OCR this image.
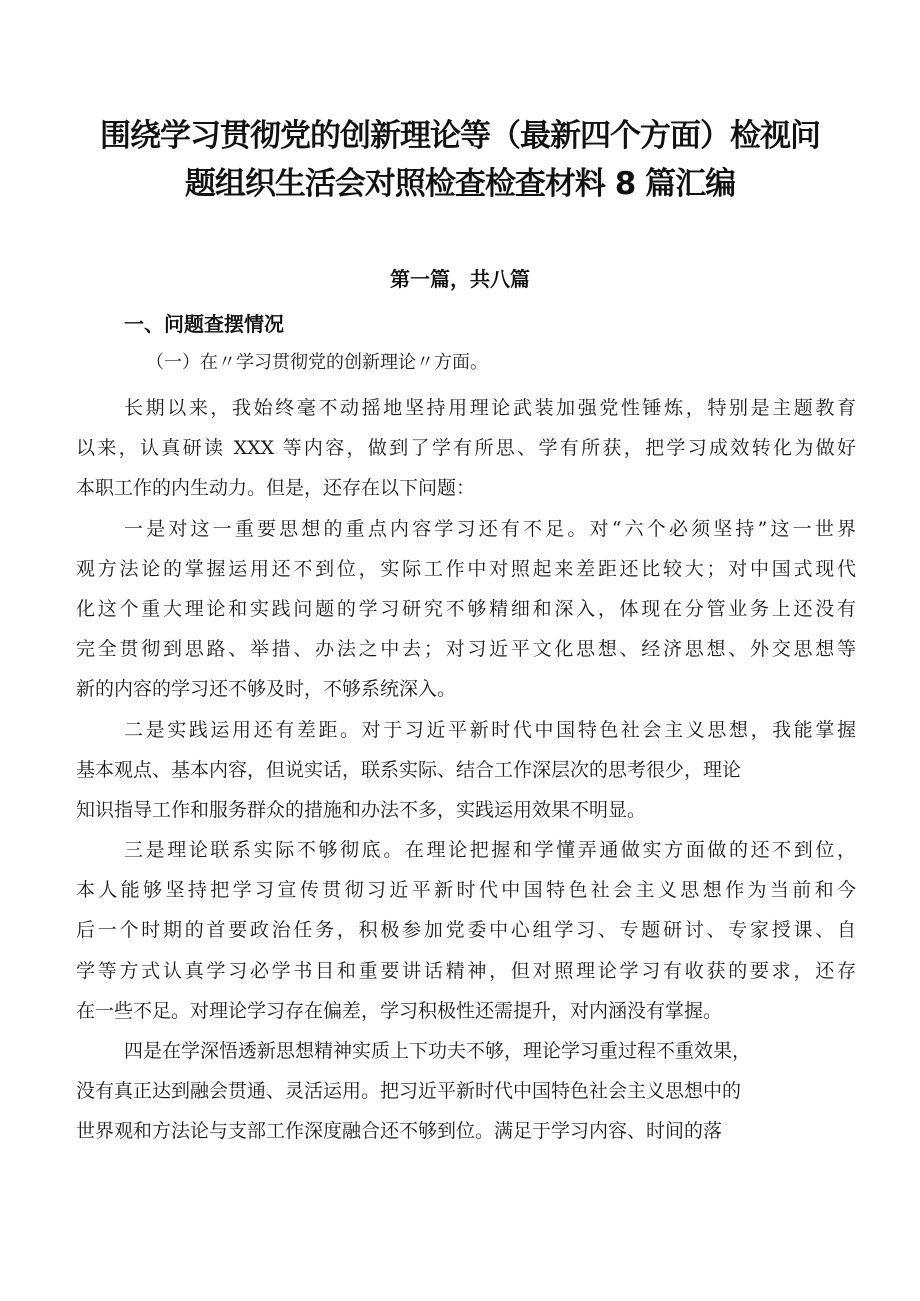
围绕学习贯彻党的创新理论等（最新四个方面）检视问
题组织生活会对照检查检查材料 8 篇汇编
第一篇，共八篇
一、问题查摆情况
（一）在〃学习贯彻党的创新理论〃方面。
长期以来，我始终毫不动摇地坚持用理论武装加强党性锤炼，特别是主题教育
以来，认真研读 XXX 等内容，做到了学有所思、学有所获，把学习成效转化为做好
本职工作的内生动力。但是，还存在以下问题：
一是对这一重要思想的重点内容学习还有不足。对“六个必须坚持”这一世界
观方法论的掌握运用还不到位，实际工作中对照起来差距还比较大；对中国式现代
化这个重大理论和实践问题的学习研究不够精细和深入，体现在分管业务上还没有
完全贯彻到思路、举措、办法之中去；对习近平文化思想、经济思想、外交思想等
新的内容的学习还不够及时，不够系统深入。
二是实践运用还有差距。对于习近平新时代中国特色社会主义思想，我能掌握
基本观点、基本内容，但说实话，联系实际、结合工作深层次的思考很少，理论
知识指导工作和服务群众的措施和办法不多，实践运用效果不明显。
三是理论联系实际不够彻底。在理论把握和学懂弄通做实方面做的还不到位，
本人能够坚持把学习宣传贯彻习近平新时代中国特色社会主义思想作为当前和今
后一个时期的首要政治任务，积极参加党委中心组学习、专题研讨、专家授课、自
学等方式认真学习必学书目和重要讲话精神，但对照理论学习有收获的要求，还存
在一些不足。对理论学习存在偏差，学习积极性还需提升，对内涵没有掌握。
四是在学深悟透新思想精神实质上下功夫不够，理论学习重过程不重效果，
没有真正达到融会贯通、灵活运用。把习近平新时代中国特色社会主义思想中的
世界观和方法论与支部工作深度融合还不够到位。满足于学习内容、时间的落
